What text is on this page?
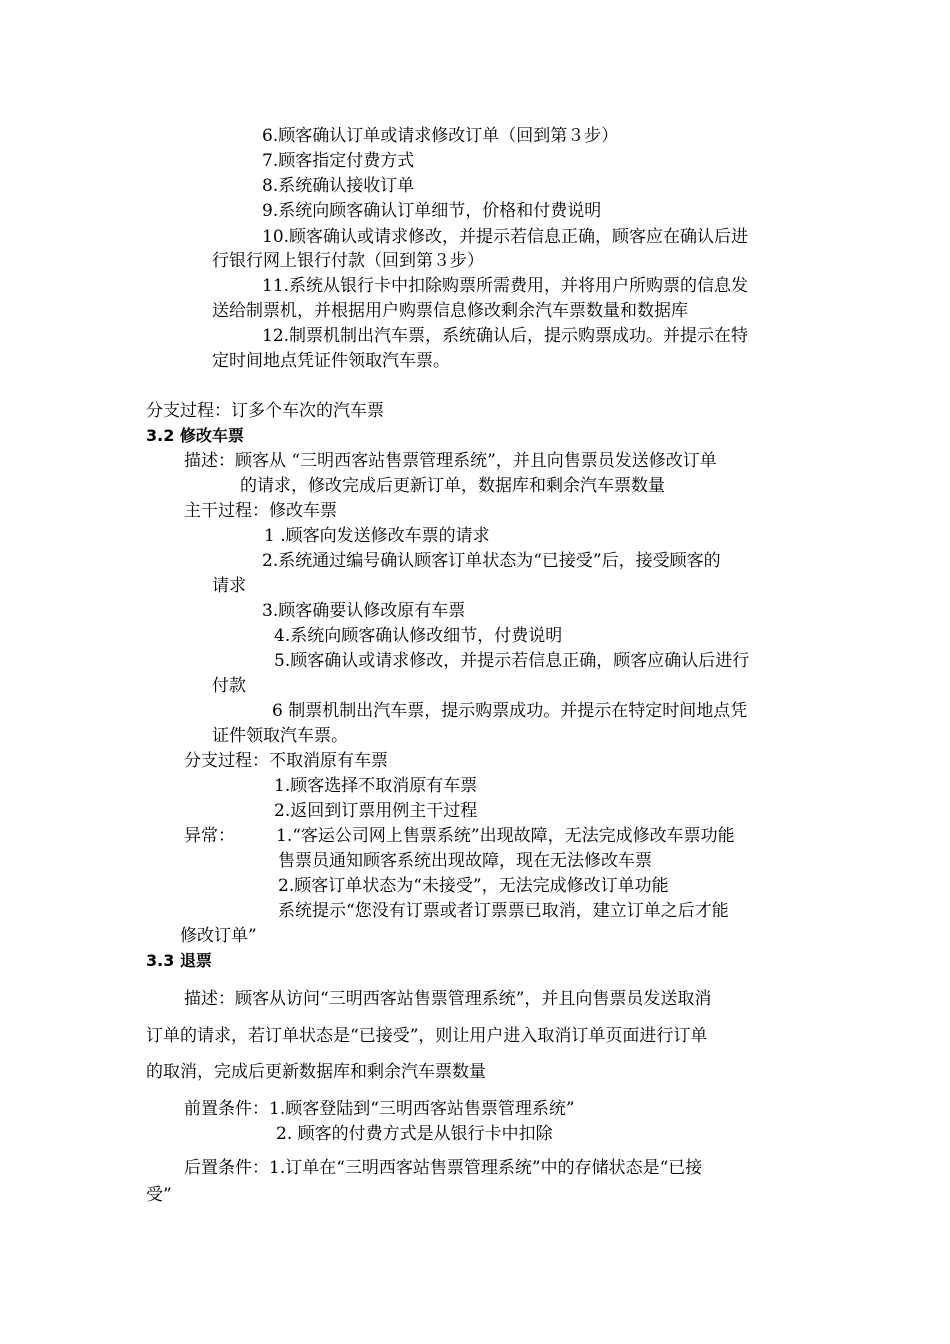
6.顾客确认订单或请求修改订单（回到第３步）
7.顾客指定付费方式
8.系统确认接收订单
9.系统向顾客确认订单细节，价格和付费说明
10.顾客确认或请求修改，并提示若信息正确，顾客应在确认后进
行银行网上银行付款（回到第３步）
11.系统从银行卡中扣除购票所需费用，并将用户所购票的信息发
送给制票机，并根据用户购票信息修改剩余汽车票数量和数据库
12.制票机制出汽车票，系统确认后，提示购票成功。并提示在特
定时间地点凭证件领取汽车票。
分支过程：订多个车次的汽车票
3.2 修改车票
描述：顾客从 “三明西客站售票管理系统”，并且向售票员发送修改订单
的请求，修改完成后更新订单，数据库和剩余汽车票数量
主干过程：修改车票
1 .顾客向发送修改车票的请求
2.系统通过编号确认顾客订单状态为“已接受”后，接受顾客的
请求
3.顾客确要认修改原有车票
4.系统向顾客确认修改细节，付费说明
5.顾客确认或请求修改，并提示若信息正确，顾客应确认后进行
付款
6 制票机制出汽车票，提示购票成功。并提示在特定时间地点凭
证件领取汽车票。
分支过程：不取消原有车票
1.顾客选择不取消原有车票
2.返回到订票用例主干过程
异常： 1.“客运公司网上售票系统”出现故障，无法完成修改车票功能
售票员通知顾客系统出现故障，现在无法修改车票
2.顾客订单状态为“未接受”，无法完成修改订单功能
系统提示“您没有订票或者订票票已取消，建立订单之后才能
修改订单”
3.3 退票
描述：顾客从访问“三明西客站售票管理系统”，并且向售票员发送取消
订单的请求，若订单状态是“已接受”，则让用户进入取消订单页面进行订单
的取消，完成后更新数据库和剩余汽车票数量
前置条件：1.顾客登陆到“三明西客站售票管理系统”
2. 顾客的付费方式是从银行卡中扣除
后置条件：1.订单在“三明西客站售票管理系统”中的存储状态是“已接
受”
